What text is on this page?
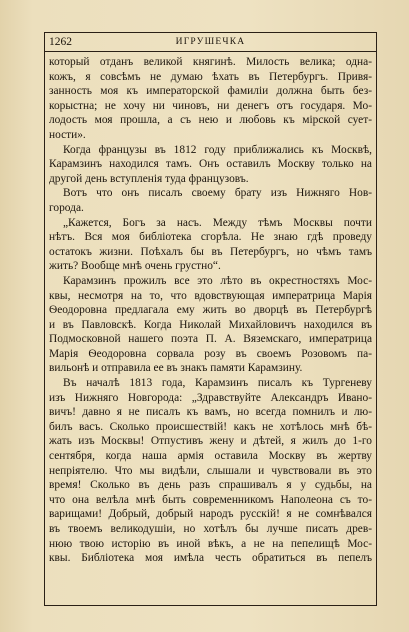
1262	ИГРУШЕЧКА
который отданъ великой княгинѣ. Милость велика; одна-
кожъ, я совсѣмъ не думаю ѣхать въ Петербургъ. Привя-
занность моя къ императорской фамиліи должна быть без-
корыстна; не хочу ни чиновъ, ни денегъ отъ государя. Мо-
лодость моя прошла, а съ нею и любовь къ мірской сует-
ности».
Когда французы въ 1812 году приближались къ Москвѣ,
Карамзинъ находился тамъ. Онъ оставилъ Москву только на
другой день вступленія туда французовъ.
Вотъ что онъ писалъ своему брату изъ Нижняго Нов-
города.
„Кажется, Богъ за насъ. Между тѣмъ Москвы почти
нѣтъ. Вся моя библіотека сгорѣла. Не знаю гдѣ проведу
остатокъ жизни. Поѣхалъ бы въ Петербургъ, но чѣмъ тамъ
жить? Вообще мнѣ очень грустно“.
Карамзинъ прожилъ все это лѣто въ окрестностяхъ Мос-
квы, несмотря на то, что вдовствующая императрица Марія
Ѳеодоровна предлагала ему жить во дворцѣ въ Петербургѣ
и въ Павловскѣ. Когда Николай Михайловичъ находился въ
Подмосковной нашего поэта П. А. Вяземскаго, императрица
Марія Ѳеодоровна сорвала розу въ своемъ Розовомъ па-
вильонѣ и отправила ее въ знакъ памяти Карамзину.
Въ началѣ 1813 года, Карамзинъ писалъ къ Тургеневу
изъ Нижняго Новгорода: „Здравствуйте Александръ Ивано-
вичъ! давно я не писалъ къ вамъ, но всегда помнилъ и лю-
билъ васъ. Сколько происшествій! какъ не хотѣлось мнѣ бѣ-
жать изъ Москвы! Отпустивъ жену и дѣтей, я жилъ до 1-го
сентября, когда наша армія оставила Москву въ жертву
непріятелю. Что мы видѣли, слышали и чувствовали въ это
время! Сколько въ день разъ спрашивалъ я у судьбы, на
что она велѣла мнѣ быть современникомъ Наполеона съ то-
варищами! Добрый, добрый народъ русскій! я не сомнѣвался
въ твоемъ великодушіи, но хотѣлъ бы лучше писать древ-
нюю твою исторію въ иной вѣкъ, а не на пепелищѣ Мос-
квы. Библіотека моя имѣла честь обратиться въ пепелъ
